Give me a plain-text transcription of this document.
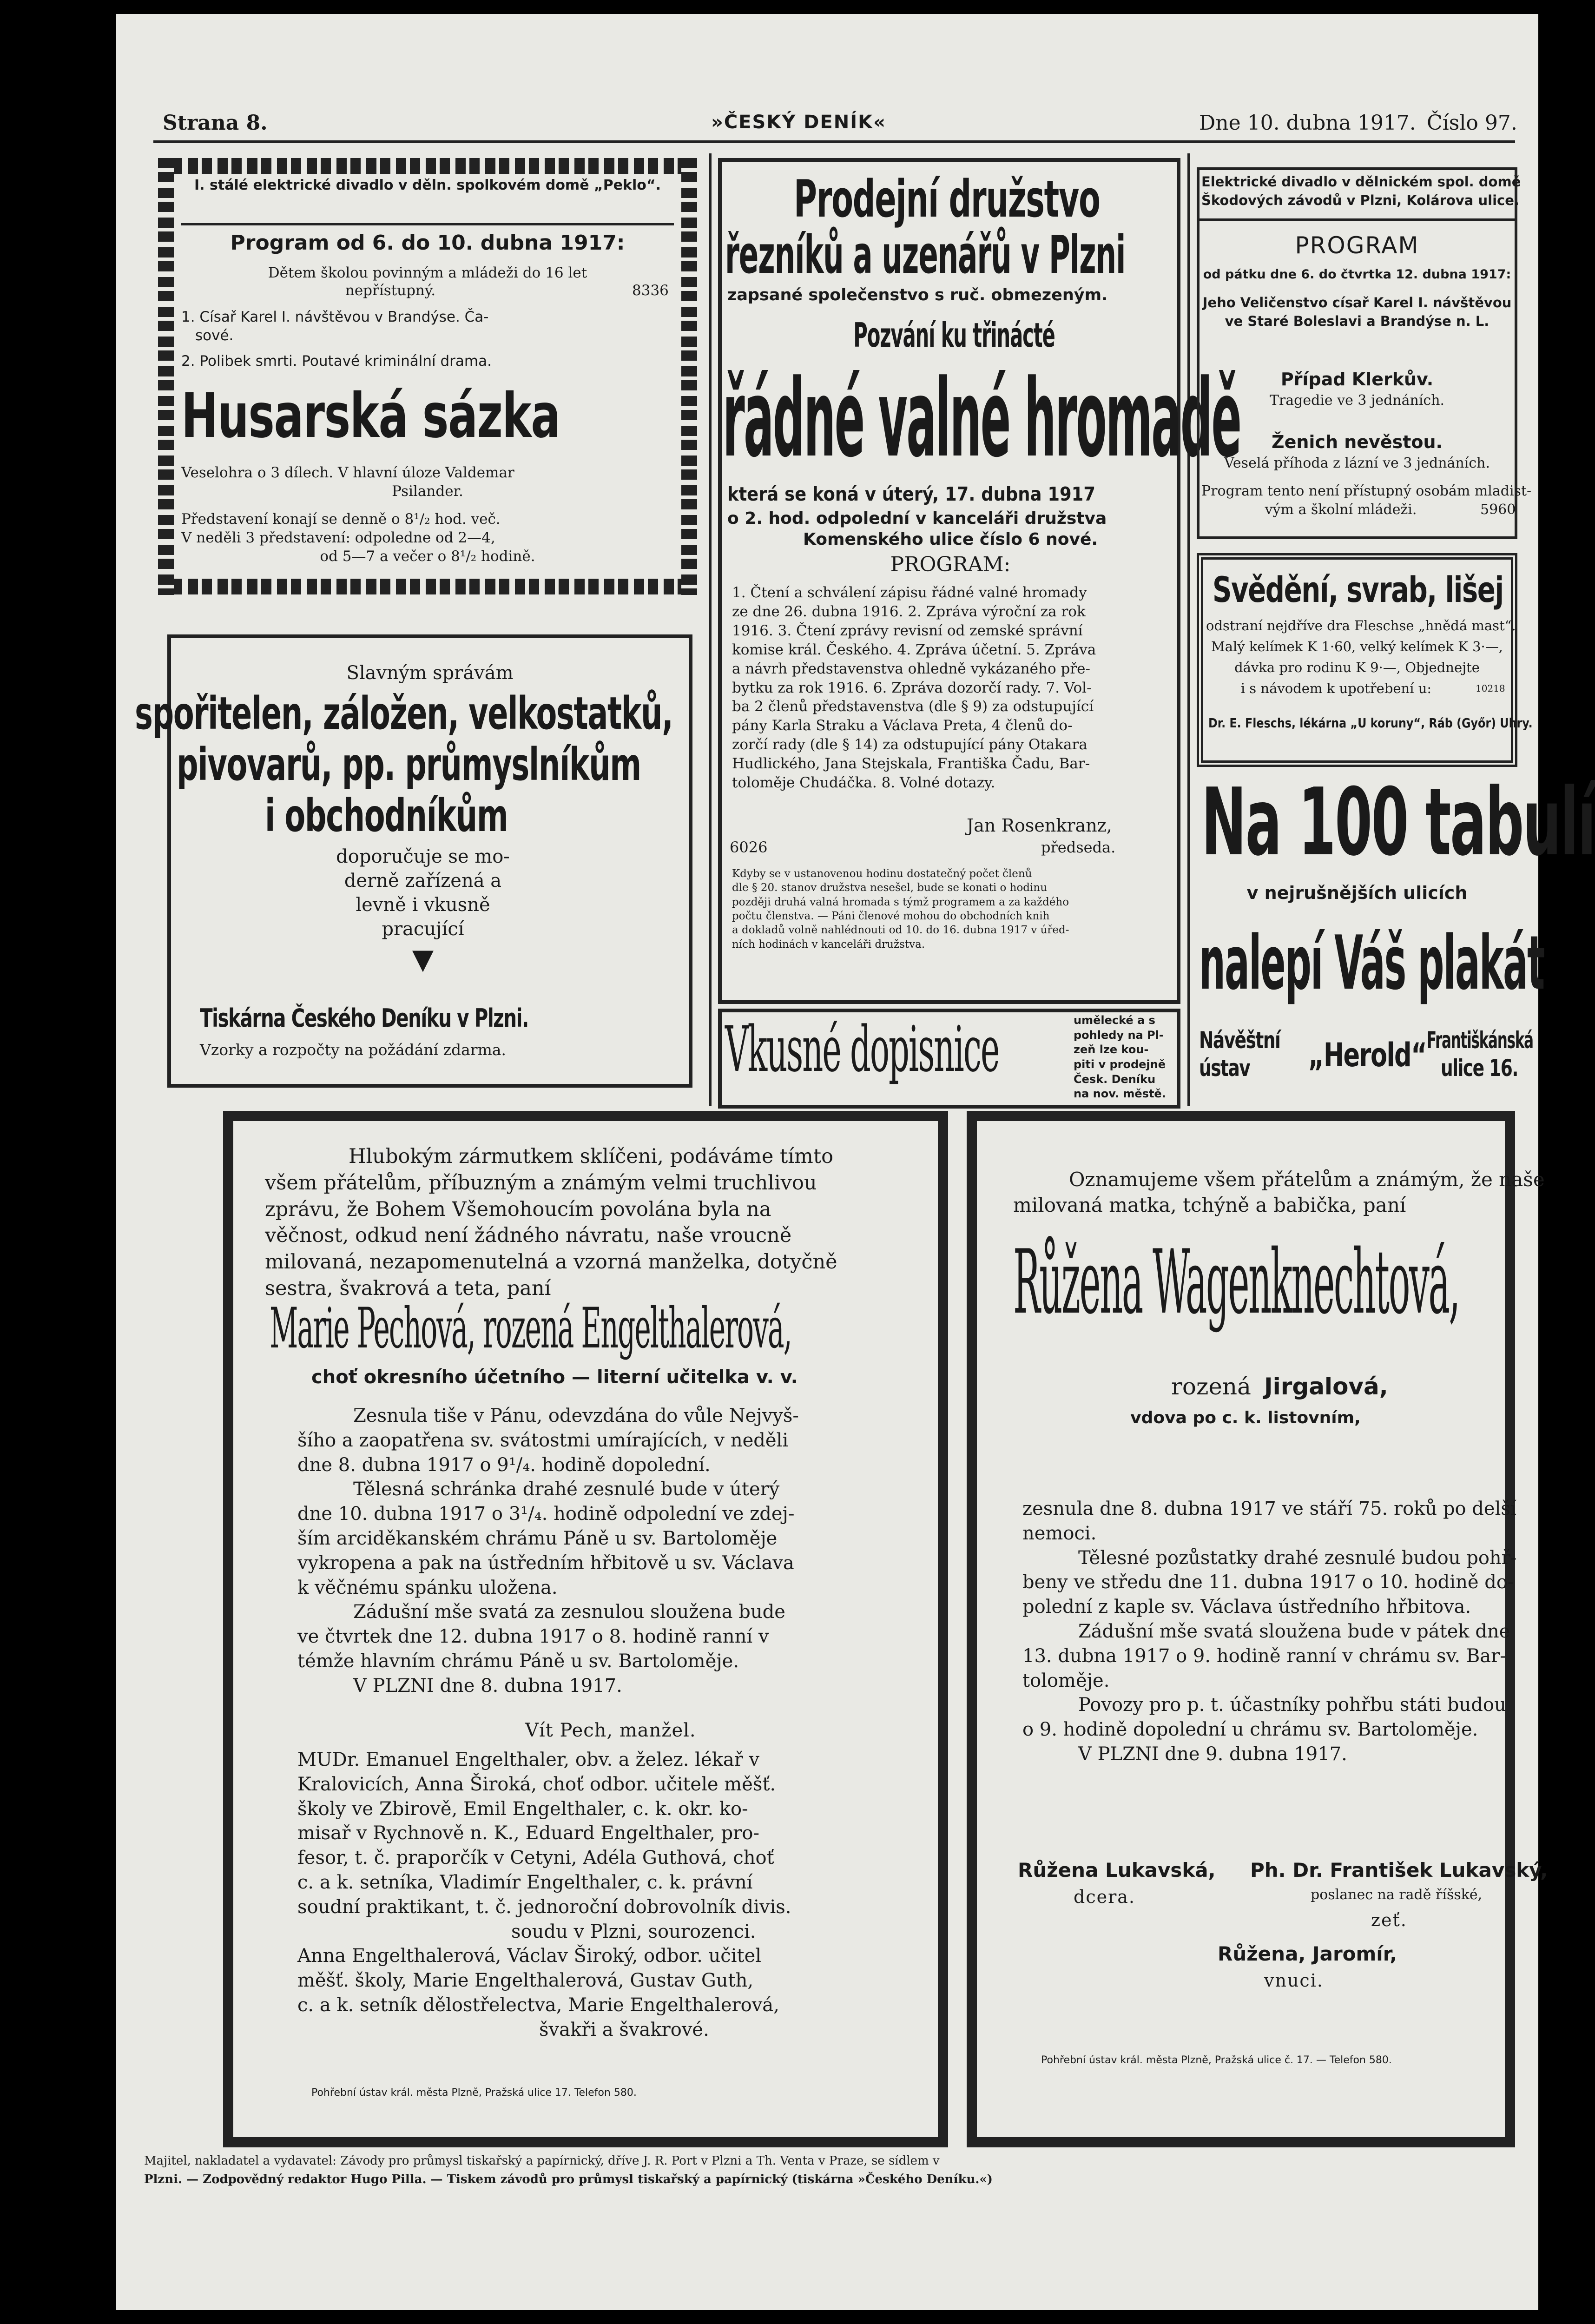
Strana 8.	»ČESKÝ DENÍK«	Dne 10. dubna 1917. Číslo 97.
I. stálé elektrické divadlo v děln. spolkovém domě „Peklo“.
Program od 6. do 10. dubna 1917:
Dětem školou povinným a mládeži do 16 let
nepřístupný.	8336
1. Císař Karel I. návštěvou v Brandýse. Ča-
sové.
2. Polibek smrti. Poutavé kriminální drama.
Husarská sázka
Veselohra o 3 dílech. V hlavní úloze Valdemar
Psilander.
Představení konají se denně o 8¹/₂ hod. več.
V neděli 3 představení: odpoledne od 2—4,
od 5—7 a večer o 8¹/₂ hodině.
Slavným správám
spořitelen, záložen, velkostatků,
pivovarů, pp. průmyslníkům
i obchodníkům
doporučuje se mo-
derně zařízená a
levně i vkusně
pracující
▼
Tiskárna Českého Deníku v Plzni.
Vzorky a rozpočty na požádání zdarma.
Prodejní družstvo
řezníků a uzenářů v Plzni
zapsané společenstvo s ruč. obmezeným.
Pozvání ku třinácté
řádné valné hromadě
která se koná v úterý, 17. dubna 1917
o 2. hod. odpolední v kanceláři družstva
Komenského ulice číslo 6 nové.
PROGRAM:

1. Čtení a schválení zápisu řádné valné hromady

ze dne 26. dubna 1916. 2. Zpráva výroční za rok

1916. 3. Čtení zprávy revisní od zemské správní

komise král. Českého. 4. Zpráva účetní. 5. Zpráva

a návrh představenstva ohledně vykázaného pře-

bytku za rok 1916. 6. Zpráva dozorčí rady. 7. Vol-

ba 2 členů představenstva (dle § 9) za odstupující

pány Karla Straku a Václava Preta, 4 členů do-

zorčí rady (dle § 14) za odstupující pány Otakara

Hudlického, Jana Stejskala, Františka Čadu, Bar-

toloměje Chudáčka. 8. Volné dotazy.

Jan Rosenkranz,
6026	předseda.

Kdyby se v ustanovenou hodinu dostatečný počet členů

dle § 20. stanov družstva nesešel, bude se konati o hodinu

později druhá valná hromada s týmž programem a za každého

počtu členstva. — Páni členové mohou do obchodních knih

a dokladů volně nahlédnouti od 10. do 16. dubna 1917 v úřed-

ních hodinách v kanceláři družstva.

Vkusné dopisnice	umělecké a s

pohledy na Pl-

zeň lze kou-

piti v prodejně

Česk. Deníku

na nov. městě.

Elektrické divadlo v dělnickém spol. domě
Škodových závodů v Plzni, Kolárova ulice.
PROGRAM
od pátku dne 6. do čtvrtka 12. dubna 1917:
Jeho Veličenstvo císař Karel I. návštěvou
ve Staré Boleslavi a Brandýse n. L.
Případ Klerkův.
Tragedie ve 3 jednáních.
Ženich nevěstou.
Veselá příhoda z lázní ve 3 jednáních.
Program tento není přístupný osobám mladist-
vým a školní mládeži.	5960
Svědění, svrab, lišej
odstraní nejdříve dra Fleschse „hnědá mast“.
Malý kelímek K 1·60, velký kelímek K 3·—,
dávka pro rodinu K 9·—, Objednejte
i s návodem k upotřebení u:	10218
Dr. E. Fleschs, lékárna „U koruny“, Ráb (Győr) Uhry.
Na 100 tabulí
v nejrušnějších ulicích
nalepí Váš plakát
Návěštní
ústav „Herold“ Františkánská
ulice 16.

Hlubokým zármutkem sklíčeni, podáváme tímto

všem přátelům, příbuzným a známým velmi truchlivou

zprávu, že Bohem Všemohoucím povolána byla na

věčnost, odkud není žádného návratu, naše vroucně

milovaná, nezapomenutelná a vzorná manželka, dotyčně

sestra, švakrová a teta, paní

Marie Pechová, rozená Engelthalerová,
choť okresního účetního — literní učitelka v. v.

Zesnula tiše v Pánu, odevzdána do vůle Nejvyš-

šího a zaopatřena sv. svátostmi umírajících, v neděli

dne 8. dubna 1917 o 9¹/₄. hodině dopolední.

Tělesná schránka drahé zesnulé bude v úterý

dne 10. dubna 1917 o 3¹/₄. hodině odpolední ve zdej-

ším arciděkanském chrámu Páně u sv. Bartoloměje

vykropena a pak na ústředním hřbitově u sv. Václava

k věčnému spánku uložena.

Zádušní mše svatá za zesnulou sloužena bude

ve čtvrtek dne 12. dubna 1917 o 8. hodině ranní v

témže hlavním chrámu Páně u sv. Bartoloměje.

V PLZNI dne 8. dubna 1917.

Vít Pech, manžel.

MUDr. Emanuel Engelthaler, obv. a želez. lékař v

Kralovicích, Anna Široká, choť odbor. učitele měšť.

školy ve Zbirově, Emil Engelthaler, c. k. okr. ko-

misař v Rychnově n. K., Eduard Engelthaler, pro-

fesor, t. č. praporčík v Cetyni, Adéla Guthová, choť

c. a k. setníka, Vladimír Engelthaler, c. k. právní

soudní praktikant, t. č. jednoroční dobrovolník divis.

soudu v Plzni, sourozenci.

Anna Engelthalerová, Václav Široký, odbor. učitel

měšť. školy, Marie Engelthalerová, Gustav Guth,

c. a k. setník dělostřelectva, Marie Engelthalerová,

švakři a švakrové.

Pohřební ústav král. města Plzně, Pražská ulice 17. Telefon 580.

Oznamujeme všem přátelům a známým, že naše

milovaná matka, tchýně a babička, paní

Růžena Wagenknechtová,
rozená Jirgalová,
vdova po c. k. listovním,

zesnula dne 8. dubna 1917 ve stáří 75. roků po delší

nemoci.

Tělesné pozůstatky drahé zesnulé budou pohř-

beny ve středu dne 11. dubna 1917 o 10. hodině do-

polední z kaple sv. Václava ústředního hřbitova.

Zádušní mše svatá sloužena bude v pátek dne

13. dubna 1917 o 9. hodině ranní v chrámu sv. Bar-

toloměje.

Povozy pro p. t. účastníky pohřbu státi budou

o 9. hodině dopolední u chrámu sv. Bartoloměje.

V PLZNI dne 9. dubna 1917.

Růžena Lukavská,
dcera.
Ph. Dr. František Lukavský,
poslanec na radě říšské,
zeť.
Růžena, Jaromír,
vnuci.
Pohřební ústav král. města Plzně, Pražská ulice č. 17. — Telefon 580.
Majitel, nakladatel a vydavatel: Závody pro průmysl tiskařský a papírnický, dříve J. R. Port v Plzni a Th. Venta v Praze, se sídlem v
Plzni. — Zodpovědný redaktor Hugo Pilla. — Tiskem závodů pro průmysl tiskařský a papírnický (tiskárna »Českého Deníku.«)
